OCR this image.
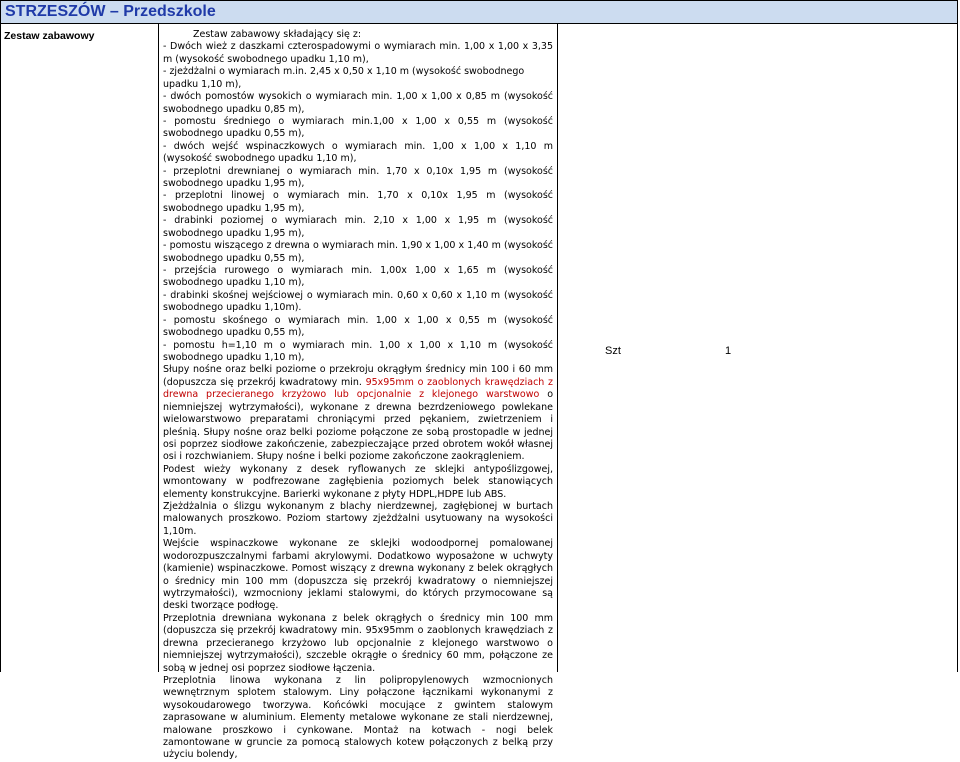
STRZESZÓW – Przedszkole
Zestaw zabawowy	Zestaw zabawowy składający się z:
- Dwóch wież z daszkami czterospadowymi o wymiarach min. 1,00 x 1,00 x 3,35 m (wysokość swobodnego upadku 1,10 m),
- zjeżdżalni o wymiarach m.in. 2,45 x 0,50 x 1,10 m (wysokość swobodnego upadku 1,10 m),
- dwóch pomostów wysokich o wymiarach min. 1,00 x 1,00 x 0,85 m (wysokość swobodnego upadku 0,85 m),
- pomostu średniego o wymiarach min.1,00 x 1,00 x 0,55 m (wysokość swobodnego upadku 0,55 m),
- dwóch wejść wspinaczkowych o wymiarach min. 1,00 x 1,00 x 1,10 m (wysokość swobodnego upadku 1,10 m),
- przeplotni drewnianej o wymiarach min. 1,70 x 0,10x 1,95 m (wysokość swobodnego upadku 1,95 m),
- przeplotni linowej o wymiarach min. 1,70 x 0,10x 1,95 m (wysokość swobodnego upadku 1,95 m),
- drabinki poziomej o wymiarach min. 2,10 x 1,00 x 1,95 m (wysokość swobodnego upadku 1,95 m),
- pomostu wiszącego z drewna o wymiarach min. 1,90 x 1,00 x 1,40 m (wysokość swobodnego upadku 0,55 m),
- przejścia rurowego o wymiarach min. 1,00x 1,00 x 1,65 m (wysokość swobodnego upadku 1,10 m),
- drabinki skośnej wejściowej o wymiarach min. 0,60 x 0,60 x 1,10 m (wysokość swobodnego upadku 1,10m).
- pomostu skośnego o wymiarach min. 1,00 x 1,00 x 0,55 m (wysokość swobodnego upadku 0,55 m),
- pomostu h=1,10 m o wymiarach min. 1,00 x 1,00 x 1,10 m (wysokość swobodnego upadku 1,10 m),
Słupy nośne oraz belki poziome o przekroju okrągłym średnicy min 100 i 60 mm (dopuszcza się przekrój kwadratowy min. 95x95mm o zaoblonych krawędziach z drewna przecieranego krzyżowo lub opcjonalnie z klejonego warstwowo o niemniejszej wytrzymałości), wykonane z drewna bezrdzeniowego powlekane wielowarstwowo preparatami chroniącymi przed pękaniem, zwietrzeniem i pleśnią. Słupy nośne oraz belki poziome połączone ze sobą prostopadle w jednej osi poprzez siodłowe zakończenie, zabezpieczające przed obrotem wokół własnej osi i rozchwianiem. Słupy nośne i belki poziome zakończone zaokrągleniem.
Podest wieży wykonany z desek ryflowanych ze sklejki antypoślizgowej, wmontowany w podfrezowane zagłębienia poziomych belek stanowiących elementy konstrukcyjne. Barierki wykonane z płyty HDPL,HDPE lub ABS.
Zjeżdżalnia o ślizgu wykonanym z blachy nierdzewnej, zagłębionej w burtach malowanych proszkowo. Poziom startowy zjeżdżalni usytuowany na wysokości 1,10m.
Wejście wspinaczkowe wykonane ze sklejki wodoodpornej pomalowanej wodorozpuszczalnymi farbami akrylowymi. Dodatkowo wyposażone w uchwyty (kamienie) wspinaczkowe. Pomost wiszący z drewna wykonany z belek okrągłych o średnicy min 100 mm (dopuszcza się przekrój kwadratowy o niemniejszej wytrzymałości), wzmocniony jeklami stalowymi, do których przymocowane są deski tworzące podłogę.
Przeplotnia drewniana wykonana z belek okrągłych o średnicy min 100 mm (dopuszcza się przekrój kwadratowy min. 95x95mm o zaoblonych krawędziach z drewna przecieranego krzyżowo lub opcjonalnie z klejonego warstwowo o niemniejszej wytrzymałości), szczeble okrągłe o średnicy 60 mm, połączone ze sobą w jednej osi poprzez siodłowe łączenia.
Przeplotnia linowa wykonana z lin polipropylenowych wzmocnionych wewnętrznym splotem stalowym. Liny połączone łącznikami wykonanymi z wysokoudarowego tworzywa. Końcówki mocujące z gwintem stalowym zaprasowane w aluminium. Elementy metalowe wykonane ze stali nierdzewnej, malowane proszkowo i cynkowane. Montaż na kotwach - nogi belek zamontowane w gruncie za pomocą stalowych kotew połączonych z belką przy użyciu bolendy,
Szt	1
